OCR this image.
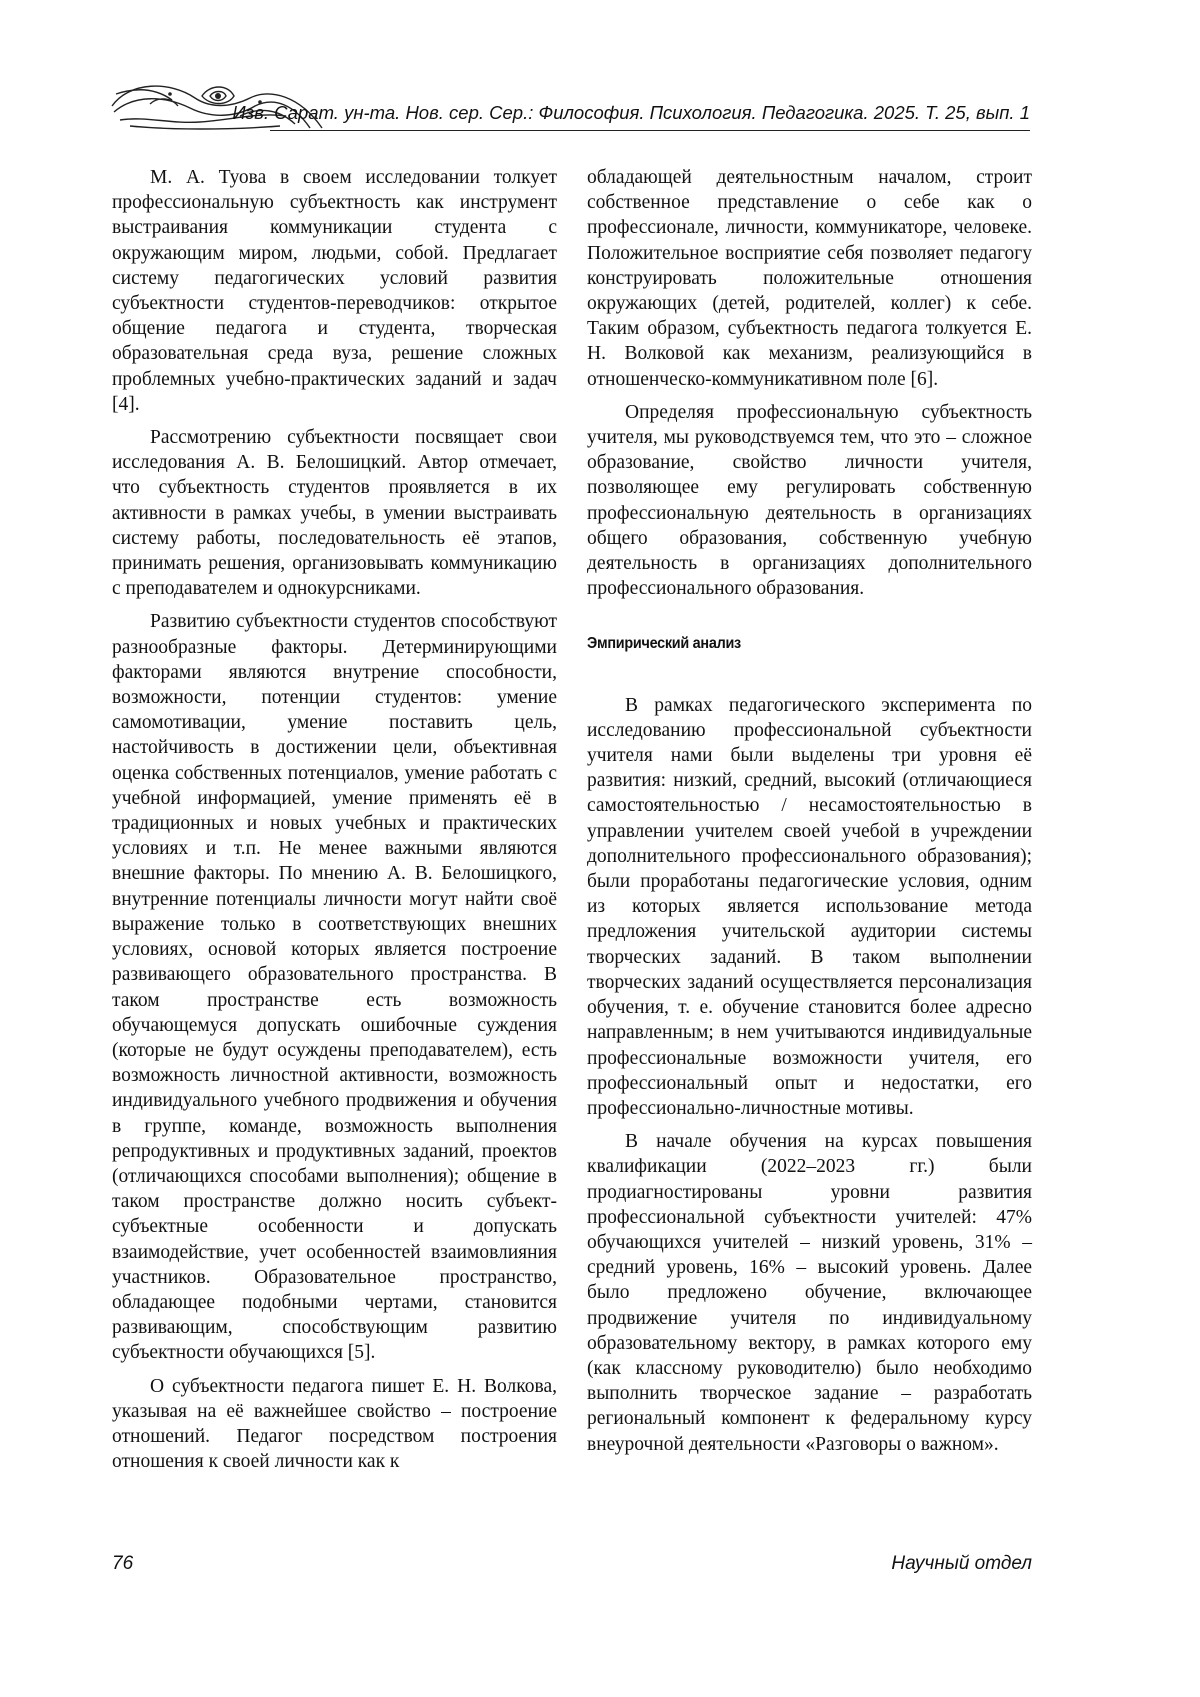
Изв. Сарат. ун-та. Нов. сер. Сер.: Философия. Психология. Педагогика. 2025. Т. 25, вып. 1

М. А. Туова в своем исследовании толкует профессиональную субъектность как инструмент выстраивания коммуникации студента с окружающим миром, людьми, собой. Предлагает систему педагогических условий развития субъектности студентов-переводчиков: открытое общение педагога и студента, творческая образовательная среда вуза, решение сложных проблемных учебно-практических заданий и задач [4].

Рассмотрению субъектности посвящает свои исследования А. В. Белошицкий. Автор отмечает, что субъектность студентов проявляется в их активности в рамках учебы, в умении выстраивать систему работы, последовательность её этапов, принимать решения, организовывать коммуникацию с преподавателем и однокурсниками.

Развитию субъектности студентов способствуют разнообразные факторы. Детерминирующими факторами являются внутрение способности, возможности, потенции студентов: умение самомотивации, умение поставить цель, настойчивость в достижении цели, объективная оценка собственных потенциалов, умение работать с учебной информацией, умение применять её в традиционных и новых учебных и практических условиях и т.п. Не менее важными являются внешние факторы. По мнению А. В. Белошицкого, внутренние потенциалы личности могут найти своё выражение только в соответствующих внешних условиях, основой которых является построение развивающего образовательного пространства. В таком пространстве есть возможность обучающемуся допускать ошибочные суждения (которые не будут осуждены преподавателем), есть возможность личностной активности, возможность индивидуального учебного продвижения и обучения в группе, команде, возможность выполнения репродуктивных и продуктивных заданий, проектов (отличающихся способами выполнения); общение в таком пространстве должно носить субъект-субъектные особенности и допускать взаимодействие, учет особенностей взаимовлияния участников. Образовательное пространство, обладающее подобными чертами, становится развивающим, способствующим развитию субъектности обучающихся [5].

О субъектности педагога пишет Е. Н. Волкова, указывая на её важнейшее свойство – построение отношений. Педагог посредством построения отношения к своей личности как к

обладающей деятельностным началом, строит собственное представление о себе как о профессионале, личности, коммуникаторе, человеке. Положительное восприятие себя позволяет педагогу конструировать положительные отношения окружающих (детей, родителей, коллег) к себе. Таким образом, субъектность педагога толкуется Е. Н. Волковой как механизм, реализующийся в отношенческо-коммуникативном поле [6].

Определяя профессиональную субъектность учителя, мы руководствуемся тем, что это – сложное образование, свойство личности учителя, позволяющее ему регулировать собственную профессиональную деятельность в организациях общего образования, собственную учебную деятельность в организациях дополнительного профессионального образования.

Эмпирический анализ

В рамках педагогического эксперимента по исследованию профессиональной субъектности учителя нами были выделены три уровня её развития: низкий, средний, высокий (отличающиеся самостоятельностью / несамостоятельностью в управлении учителем своей учебой в учреждении дополнительного профессионального образования); были проработаны педагогические условия, одним из которых является использование метода предложения учительской аудитории системы творческих заданий. В таком выполнении творческих заданий осуществляется персонализация обучения, т. е. обучение становится более адресно направленным; в нем учитываются индивидуальные профессиональные возможности учителя, его профессиональный опыт и недостатки, его профессионально-личностные мотивы.

В начале обучения на курсах повышения квалификации (2022–2023 гг.) были продиагностированы уровни развития профессиональной субъектности учителей: 47% обучающихся учителей – низкий уровень, 31% – средний уровень, 16% – высокий уровень. Далее было предложено обучение, включающее продвижение учителя по индивидуальному образовательному вектору, в рамках которого ему (как классному руководителю) было необходимо выполнить творческое задание – разработать региональный компонент к федеральному курсу внеурочной деятельности «Разговоры о важном».

76	Научный отдел
